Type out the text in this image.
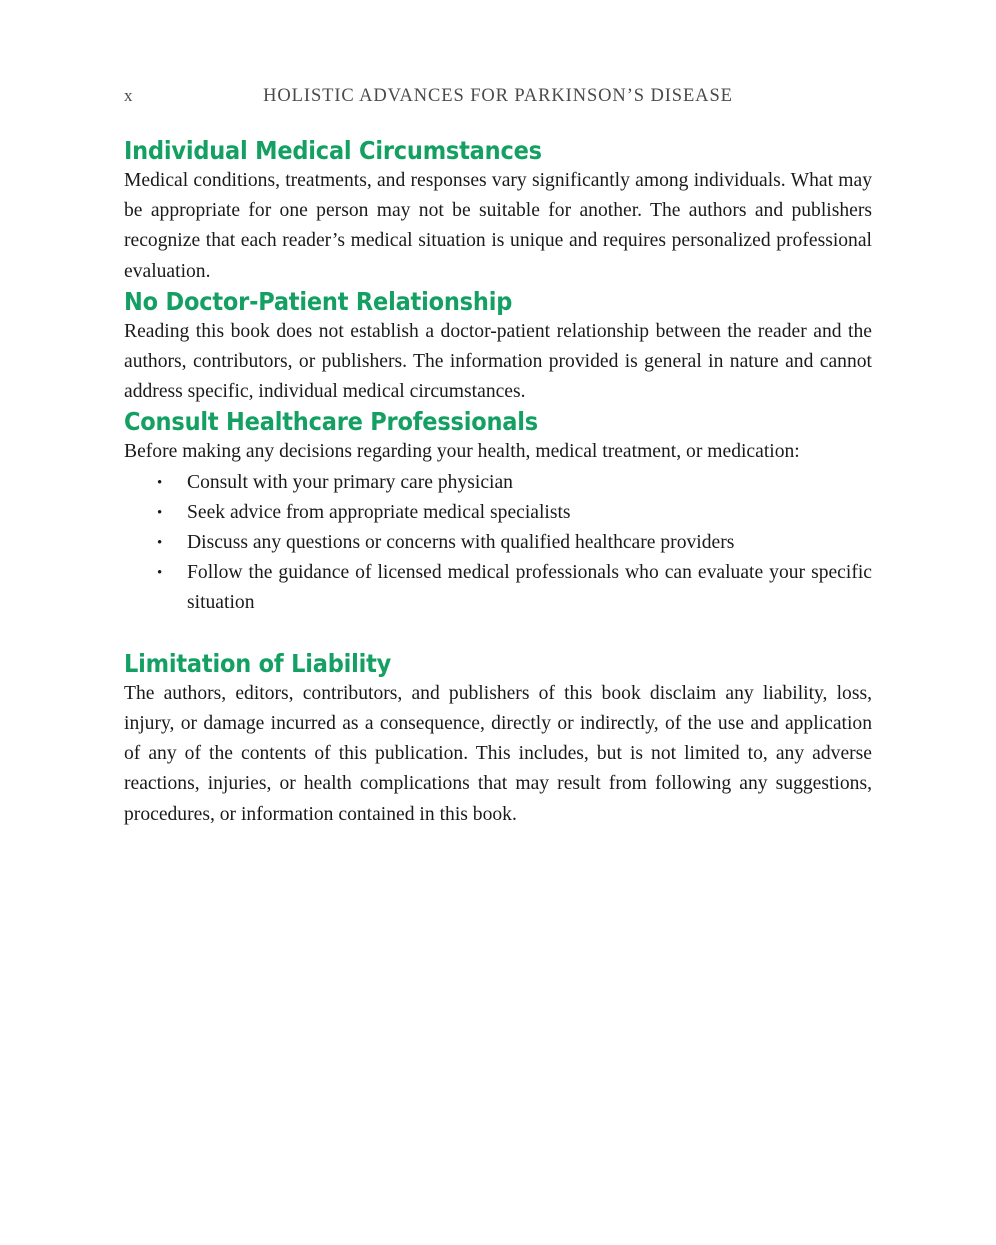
x	HOLISTIC ADVANCES FOR PARKINSON’S DISEASE
Individual Medical Circumstances

Medical conditions, treatments, and responses vary significantly among individuals. What may be appropriate for one person may not be suitable for another. The authors and publishers recognize that each reader’s medical situation is unique and requires personalized professional evaluation.

No Doctor-Patient Relationship

Reading this book does not establish a doctor-patient relationship between the reader and the authors, contributors, or publishers. The information provided is general in nature and cannot address specific, individual medical circumstances.

Consult Healthcare Professionals

Before making any decisions regarding your health, medical treatment, or medication:

• Consult with your primary care physician
• Seek advice from appropriate medical specialists
• Discuss any questions or concerns with qualified healthcare providers
• Follow the guidance of licensed medical professionals who can evaluate your specific situation
Limitation of Liability

The authors, editors, contributors, and publishers of this book disclaim any liability, loss, injury, or damage incurred as a consequence, directly or indirectly, of the use and application of any of the contents of this publication. This includes, but is not limited to, any adverse reactions, injuries, or health complications that may result from following any suggestions, procedures, or information contained in this book.
